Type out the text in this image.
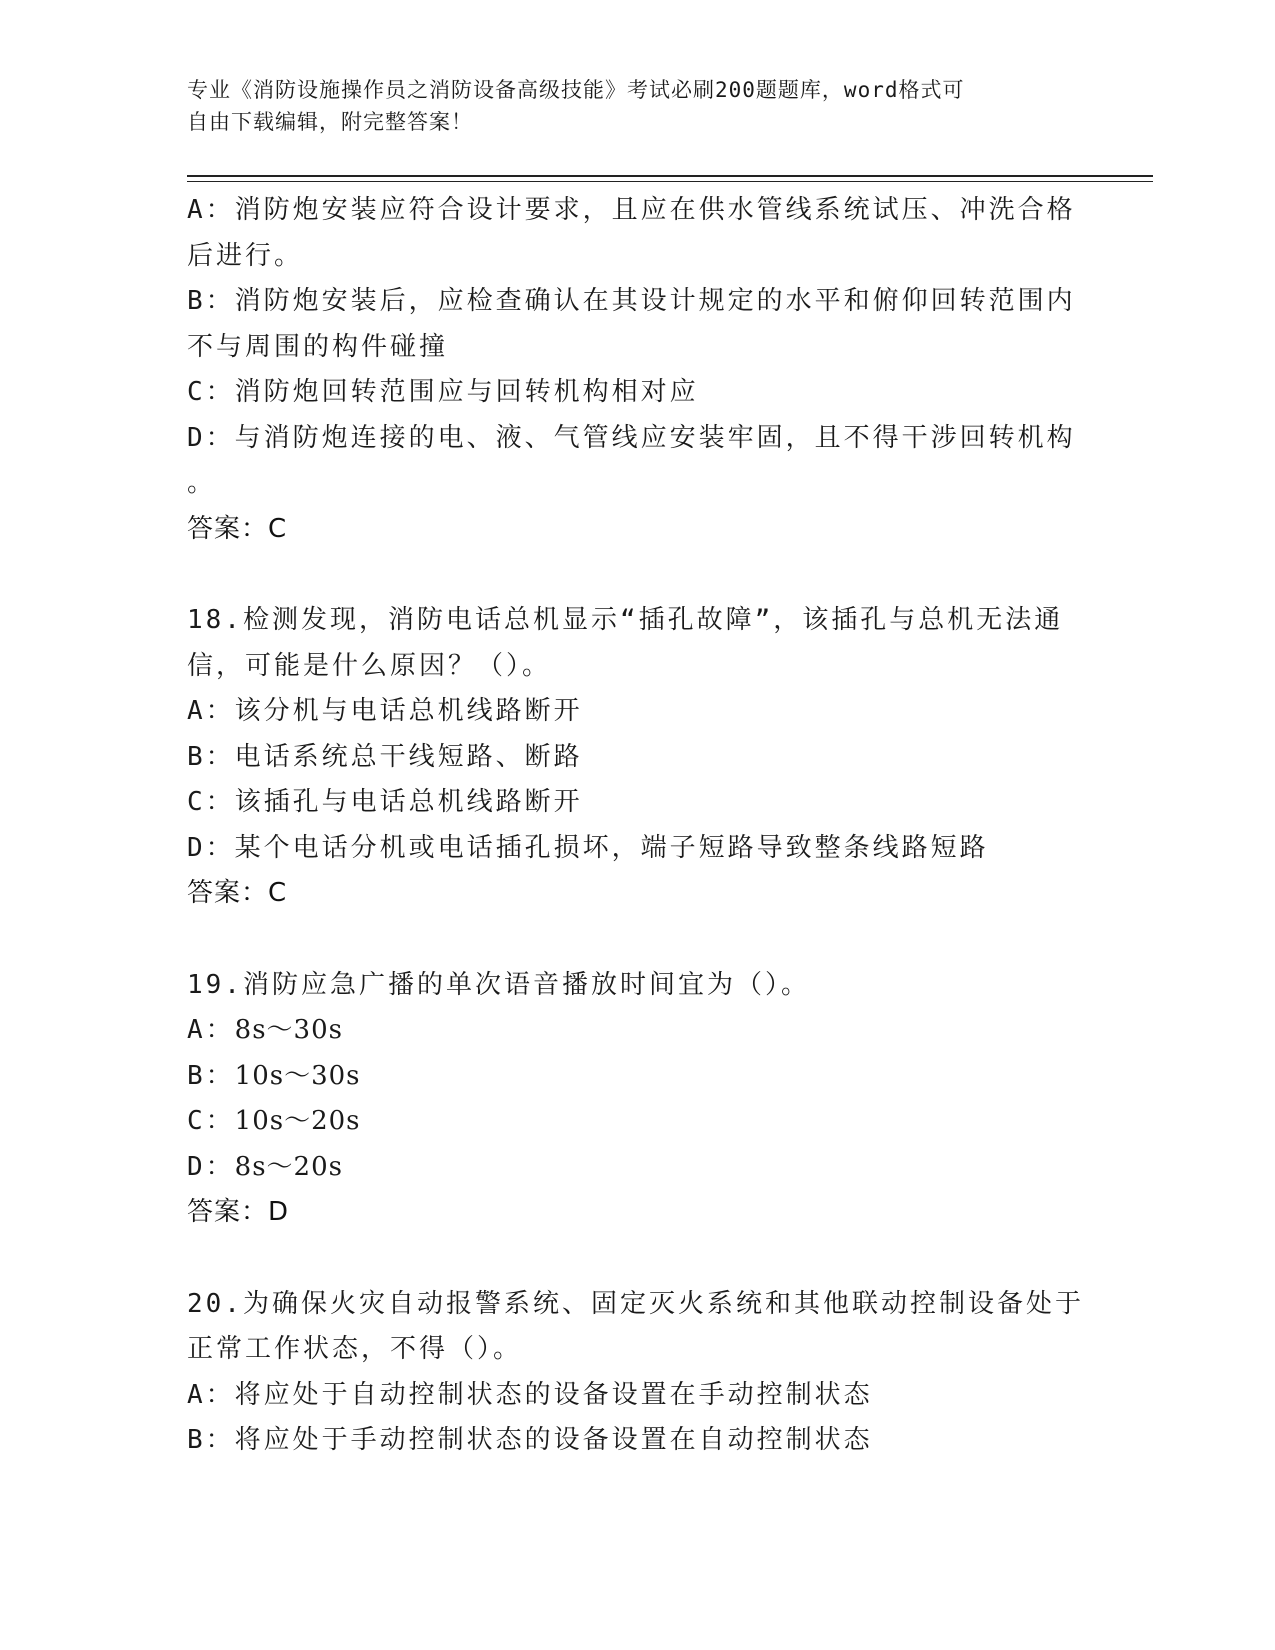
专业《消防设施操作员之消防设备高级技能》考试必刷200题题库，word格式可
自由下载编辑，附完整答案！
A：消防炮安装应符合设计要求，且应在供水管线系统试压、冲洗合格
后进行。
B：消防炮安装后，应检查确认在其设计规定的水平和俯仰回转范围内
不与周围的构件碰撞
C：消防炮回转范围应与回转机构相对应
D：与消防炮连接的电、液、气管线应安装牢固，且不得干涉回转机构
。
答案：C
18.检测发现，消防电话总机显示“插孔故障”，该插孔与总机无法通
信，可能是什么原因？（）。
A：该分机与电话总机线路断开
B：电话系统总干线短路、断路
C：该插孔与电话总机线路断开
D：某个电话分机或电话插孔损坏，端子短路导致整条线路短路
答案：C
19.消防应急广播的单次语音播放时间宜为（）。
A：8s～30s
B：10s～30s
C：10s～20s
D：8s～20s
答案：D
20.为确保火灾自动报警系统、固定灭火系统和其他联动控制设备处于
正常工作状态，不得（）。
A：将应处于自动控制状态的设备设置在手动控制状态
B：将应处于手动控制状态的设备设置在自动控制状态
